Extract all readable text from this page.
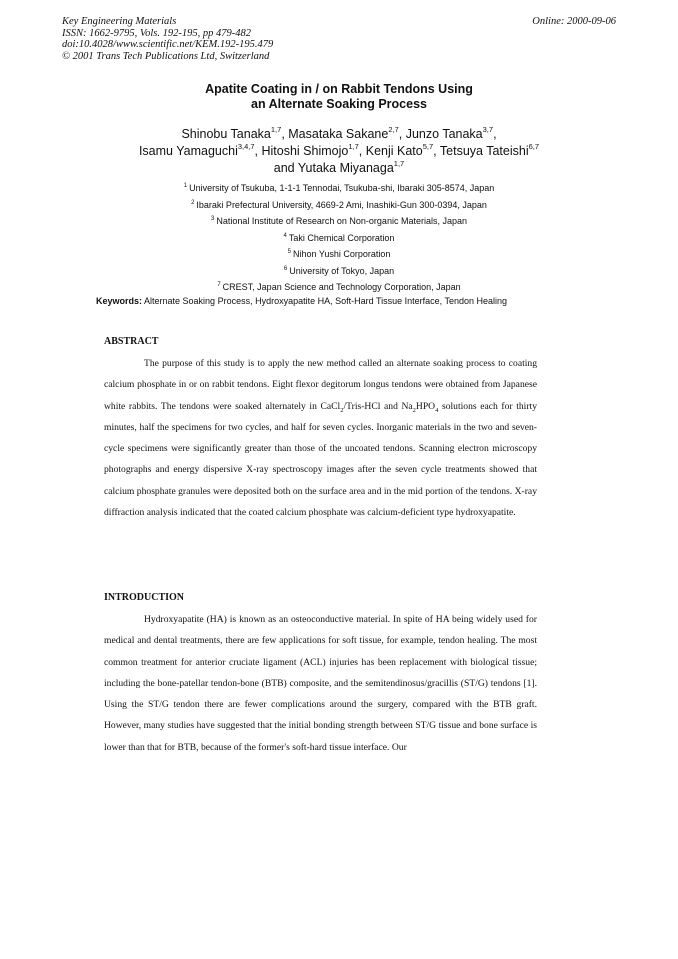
Key Engineering Materials
ISSN: 1662-9795, Vols. 192-195, pp 479-482
doi:10.4028/www.scientific.net/KEM.192-195.479
© 2001 Trans Tech Publications Ltd, Switzerland
Online: 2000-09-06
Apatite Coating in / on Rabbit Tendons Using
an Alternate Soaking Process
Shinobu Tanaka$^{1,7}$, Masataka Sakane$^{2,7}$, Junzo Tanaka$^{3,7}$,
Isamu Yamaguchi$^{3,4,7}$, Hitoshi Shimojo$^{1,7}$, Kenji Kato$^{5,7}$, Tetsuya Tateishi$^{6,7}$
and Yutaka Miyanaga$^{1,7}$
$^1$ University of Tsukuba, 1-1-1 Tennodai, Tsukuba-shi, Ibaraki 305-8574, Japan
$^2$ Ibaraki Prefectural University, 4669-2 Ami, Inashiki-Gun 300-0394, Japan
$^3$ National Institute of Research on Non-organic Materials, Japan
$^4$ Taki Chemical Corporation
$^5$ Nihon Yushi Corporation
$^6$ University of Tokyo, Japan
$^7$ CREST, Japan Science and Technology Corporation, Japan
Keywords: Alternate Soaking Process, Hydroxyapatite HA, Soft-Hard Tissue Interface, Tendon Healing
ABSTRACT

The purpose of this study is to apply the new method called an alternate soaking process to coating calcium phosphate in or on rabbit tendons. Eight flexor degitorum longus tendons were obtained from Japanese white rabbits. The tendons were soaked alternately in CaCl$_2$/Tris-HCl and $Na_2HPO_4$ solutions each for thirty minutes, half the specimens for two cycles, and half for seven cycles. Inorganic materials in the two and seven-cycle specimens were significantly greater than those of the uncoated tendons. Scanning electron microscopy photographs and energy dispersive X-ray spectroscopy images after the seven cycle treatments showed that calcium phosphate granules were deposited both on the surface area and in the mid portion of the tendons. X-ray diffraction analysis indicated that the coated calcium phosphate was calcium-deficient type hydroxyapatite.

INTRODUCTION

Hydroxyapatite (HA) is known as an osteoconductive material. In spite of HA being widely used for medical and dental treatments, there are few applications for soft tissue, for example, tendon healing. The most common treatment for anterior cruciate ligament (ACL) injuries has been replacement with biological tissue; including the bone-patellar tendon-bone (BTB) composite, and the semitendinosus/gracillis (ST/G) tendons [1]. Using the ST/G tendon there are fewer complications around the surgery, compared with the BTB graft. However, many studies have suggested that the initial bonding strength between ST/G tissue and bone surface is lower than that for BTB, because of the former's soft-hard tissue interface. Our
